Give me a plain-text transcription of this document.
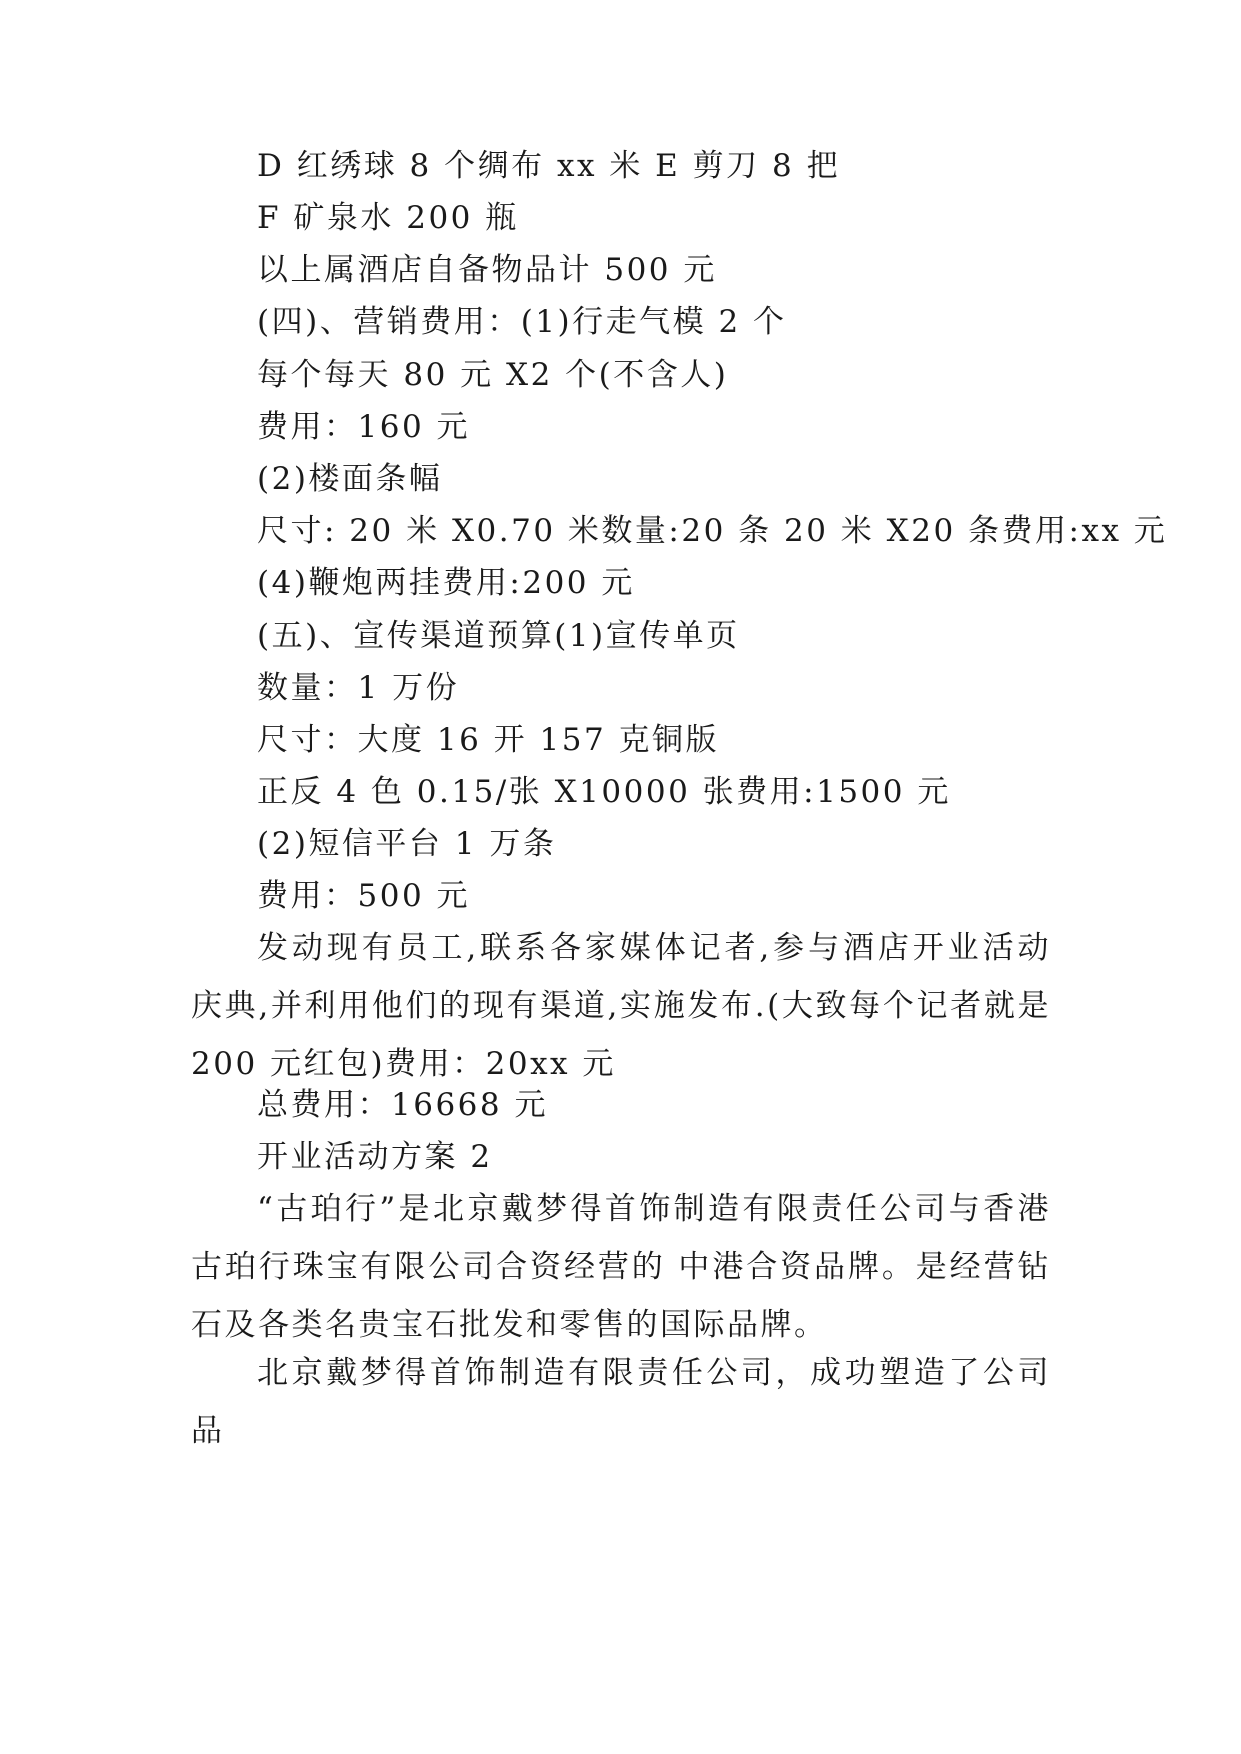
D 红绣球 8 个绸布 xx 米 E 剪刀 8 把
F 矿泉水 200 瓶
以上属酒店自备物品计 500 元
(四)、营销费用：(1)行走气模 2 个
每个每天 80 元 X2 个(不含人)
费用：160 元
(2)楼面条幅
尺寸: 20 米 X0.70 米数量:20 条 20 米 X20 条费用:xx 元
(4)鞭炮两挂费用:200 元
(五)、宣传渠道预算(1)宣传单页
数量：1 万份
尺寸：大度 16 开 157 克铜版
正反 4 色 0.15/张 X10000 张费用:1500 元
(2)短信平台 1 万条
费用：500 元
发动现有员工,联系各家媒体记者,参与酒店开业活动庆典,并利用他们的现有渠道,实施发布.(大致每个记者就是 200 元红包)费用：20xx 元
总费用：16668 元
开业活动方案 2
“古珀行”是北京戴梦得首饰制造有限责任公司与香港古珀行珠宝有限公司合资经营的 中港合资品牌。是经营钻石及各类名贵宝石批发和零售的国际品牌。
北京戴梦得首饰制造有限责任公司，成功塑造了公司品
